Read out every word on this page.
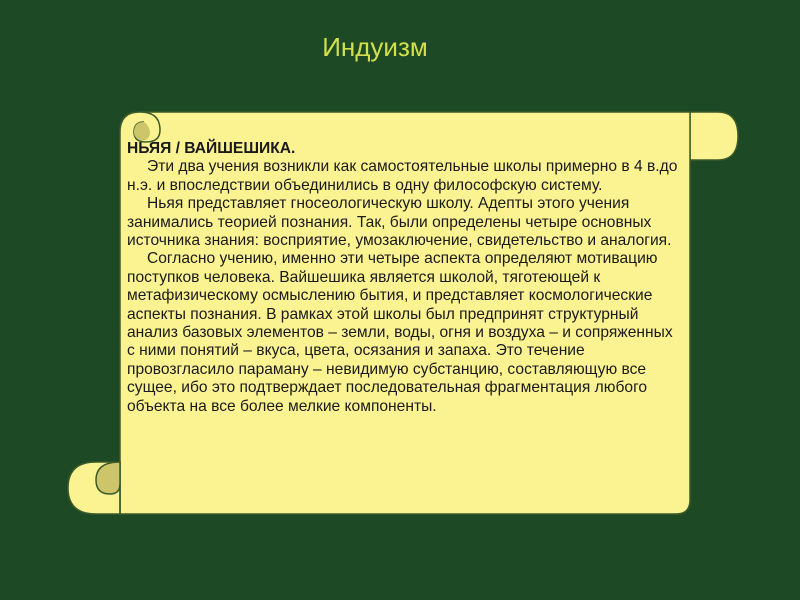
Индуизм
НЬЯЯ / ВАЙШЕШИКА.

Эти два учения возникли как самостоятельные школы примерно в 4 в.до н.э. и впоследствии объединились в одну философскую систему.

Ньяя представляет гносеологическую школу. Адепты этого учения занимались теорией познания. Так, были определены четыре основных источника знания: восприятие, умозаключение, свидетельство и аналогия.

Согласно учению, именно эти четыре аспекта определяют мотивацию поступков человека. Вайшешика является школой, тяготеющей к метафизическому осмыслению бытия, и представляет космологические аспекты познания. В рамках этой школы был предпринят структурный анализ базовых элементов – земли, воды, огня и воздуха – и сопряженных с ними понятий – вкуса, цвета, осязания и запаха. Это течение провозгласило параману – невидимую субстанцию, составляющую все сущее, ибо это подтверждает последовательная фрагментация любого объекта на все более мелкие компоненты.
